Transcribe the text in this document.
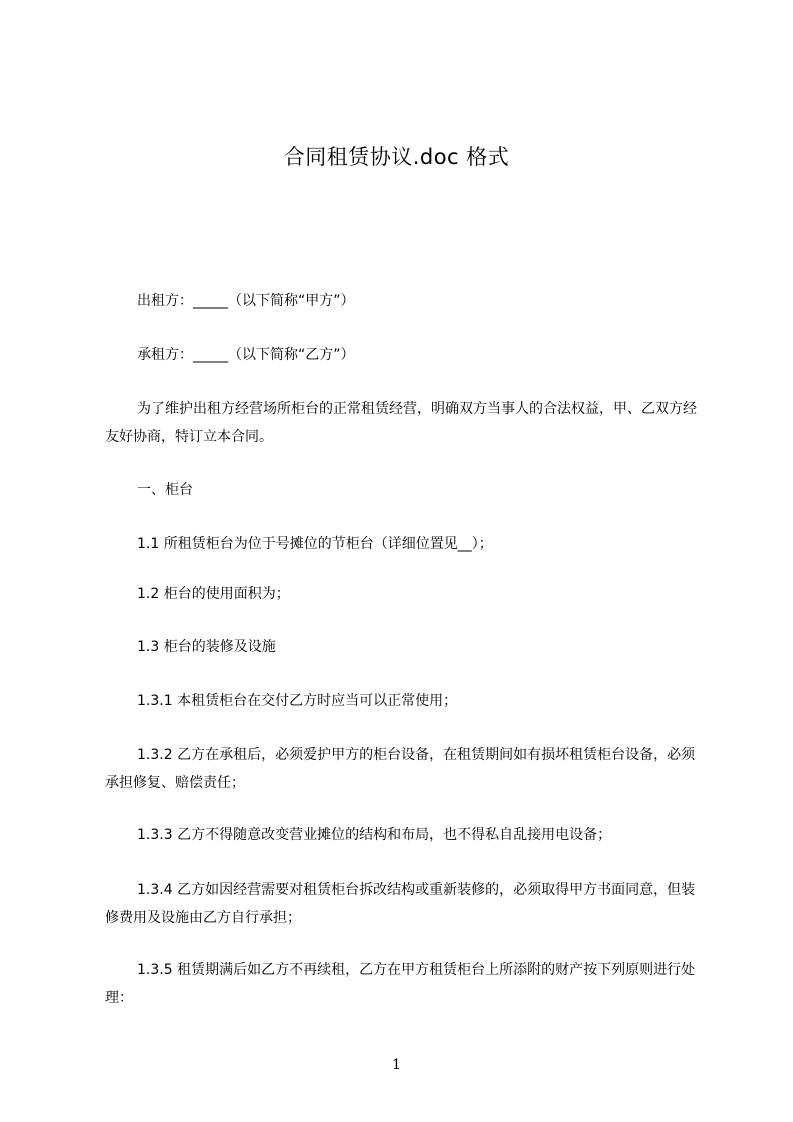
合同租赁协议.doc 格式

出租方：_____（以下简称“甲方”）

承租方：_____（以下简称“乙方”）

为了维护出租方经营场所柜台的正常租赁经营，明确双方当事人的合法权益，甲、乙双方经友好协商，特订立本合同。

一、柜台

1.1 所租赁柜台为位于号摊位的节柜台（详细位置见__）；

1.2 柜台的使用面积为；

1.3 柜台的装修及设施

1.3.1 本租赁柜台在交付乙方时应当可以正常使用；

1.3.2 乙方在承租后，必须爱护甲方的柜台设备，在租赁期间如有损坏租赁柜台设备，必须承担修复、赔偿责任；

1.3.3 乙方不得随意改变营业摊位的结构和布局，也不得私自乱接用电设备；

1.3.4 乙方如因经营需要对租赁柜台拆改结构或重新装修的，必须取得甲方书面同意，但装修费用及设施由乙方自行承担；

1.3.5 租赁期满后如乙方不再续租，乙方在甲方租赁柜台上所添附的财产按下列原则进行处理：

1
